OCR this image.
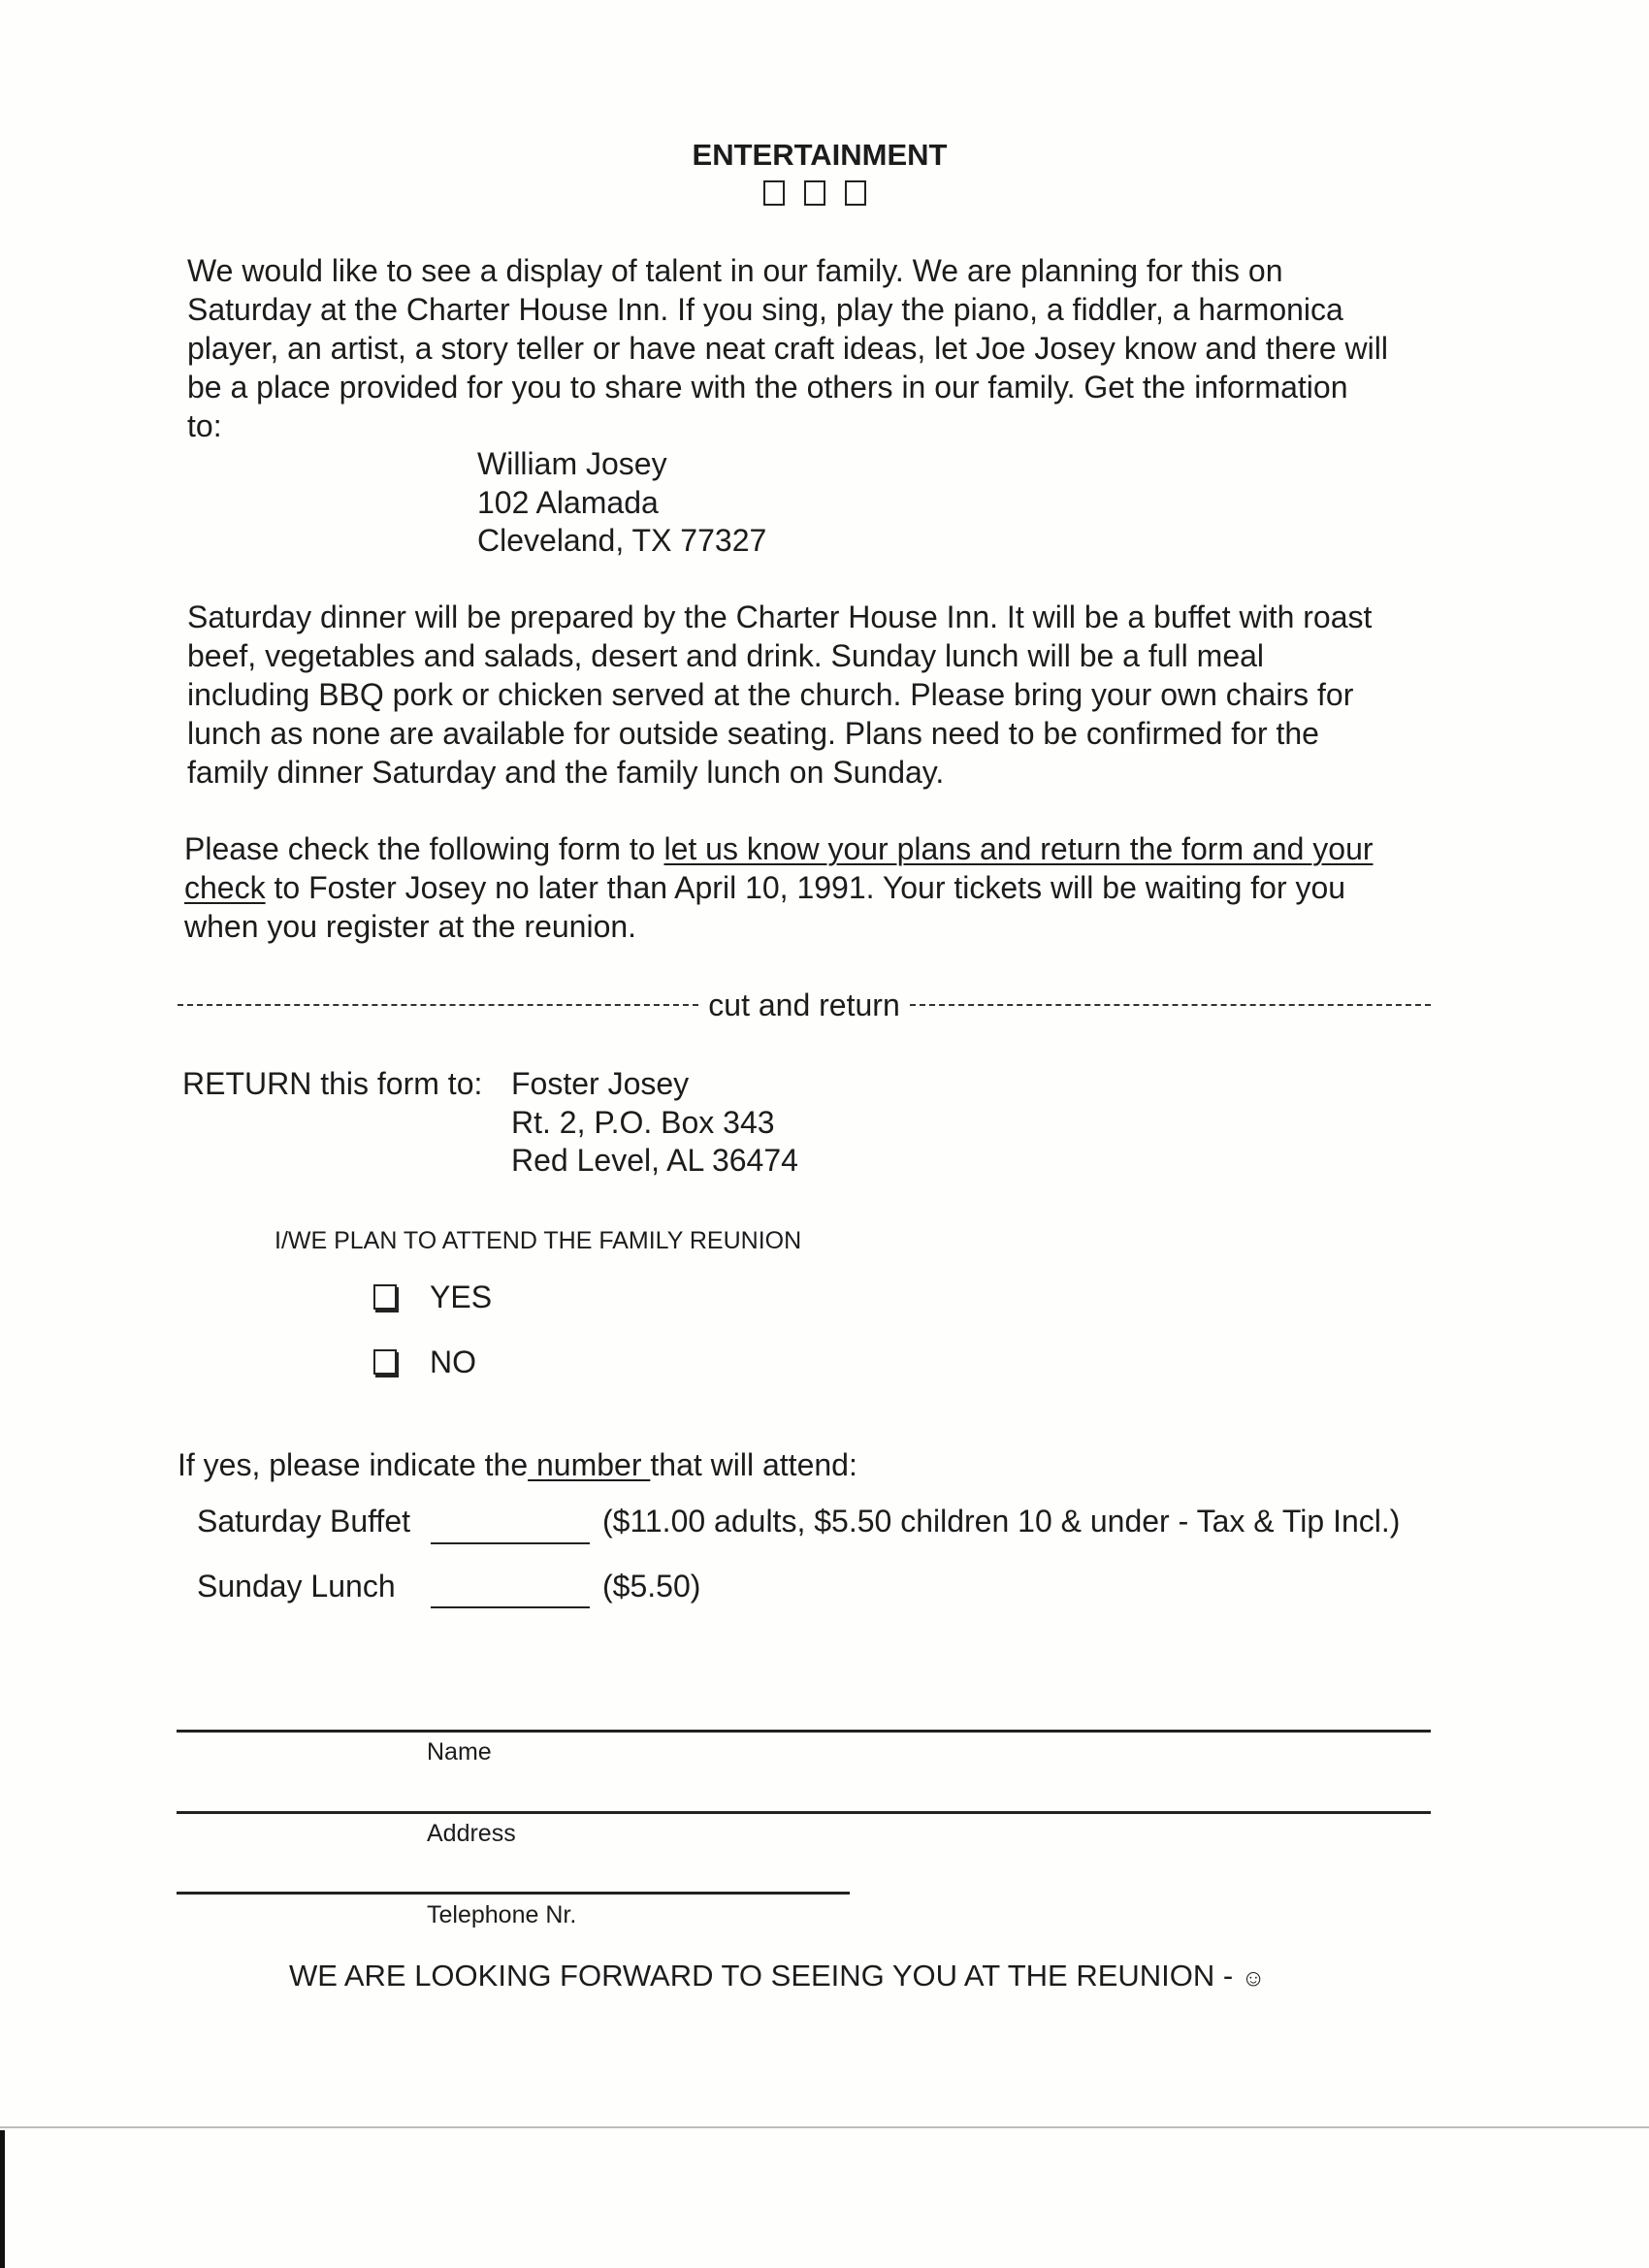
ENTERTAINMENT
We would like to see a display of talent in our family. We are planning for this on
Saturday at the Charter House Inn. If you sing, play the piano, a fiddler, a harmonica
player, an artist, a story teller or have neat craft ideas, let Joe Josey know and there will
be a place provided for you to share with the others in our family. Get the information
to:
William Josey
102 Alamada
Cleveland, TX 77327
Saturday dinner will be prepared by the Charter House Inn. It will be a buffet with roast
beef, vegetables and salads, desert and drink. Sunday lunch will be a full meal
including BBQ pork or chicken served at the church. Please bring your own chairs for
lunch as none are available for outside seating. Plans need to be confirmed for the
family dinner Saturday and the family lunch on Sunday.
Please check the following form to let us know your plans and return the form and your
check to Foster Josey no later than April 10, 1991. Your tickets will be waiting for you
when you register at the reunion.
cut and return
RETURN this form to: Foster Josey
Rt. 2, P.O. Box 343
Red Level, AL 36474
I/WE PLAN TO ATTEND THE FAMILY REUNION
YES
NO
If yes, please indicate the number that will attend:
Saturday Buffet	($11.00 adults, $5.50 children 10 & under - Tax & Tip Incl.)
Sunday Lunch	($5.50)
Name
Address
Telephone Nr.
WE ARE LOOKING FORWARD TO SEEING YOU AT THE REUNION - ☺
